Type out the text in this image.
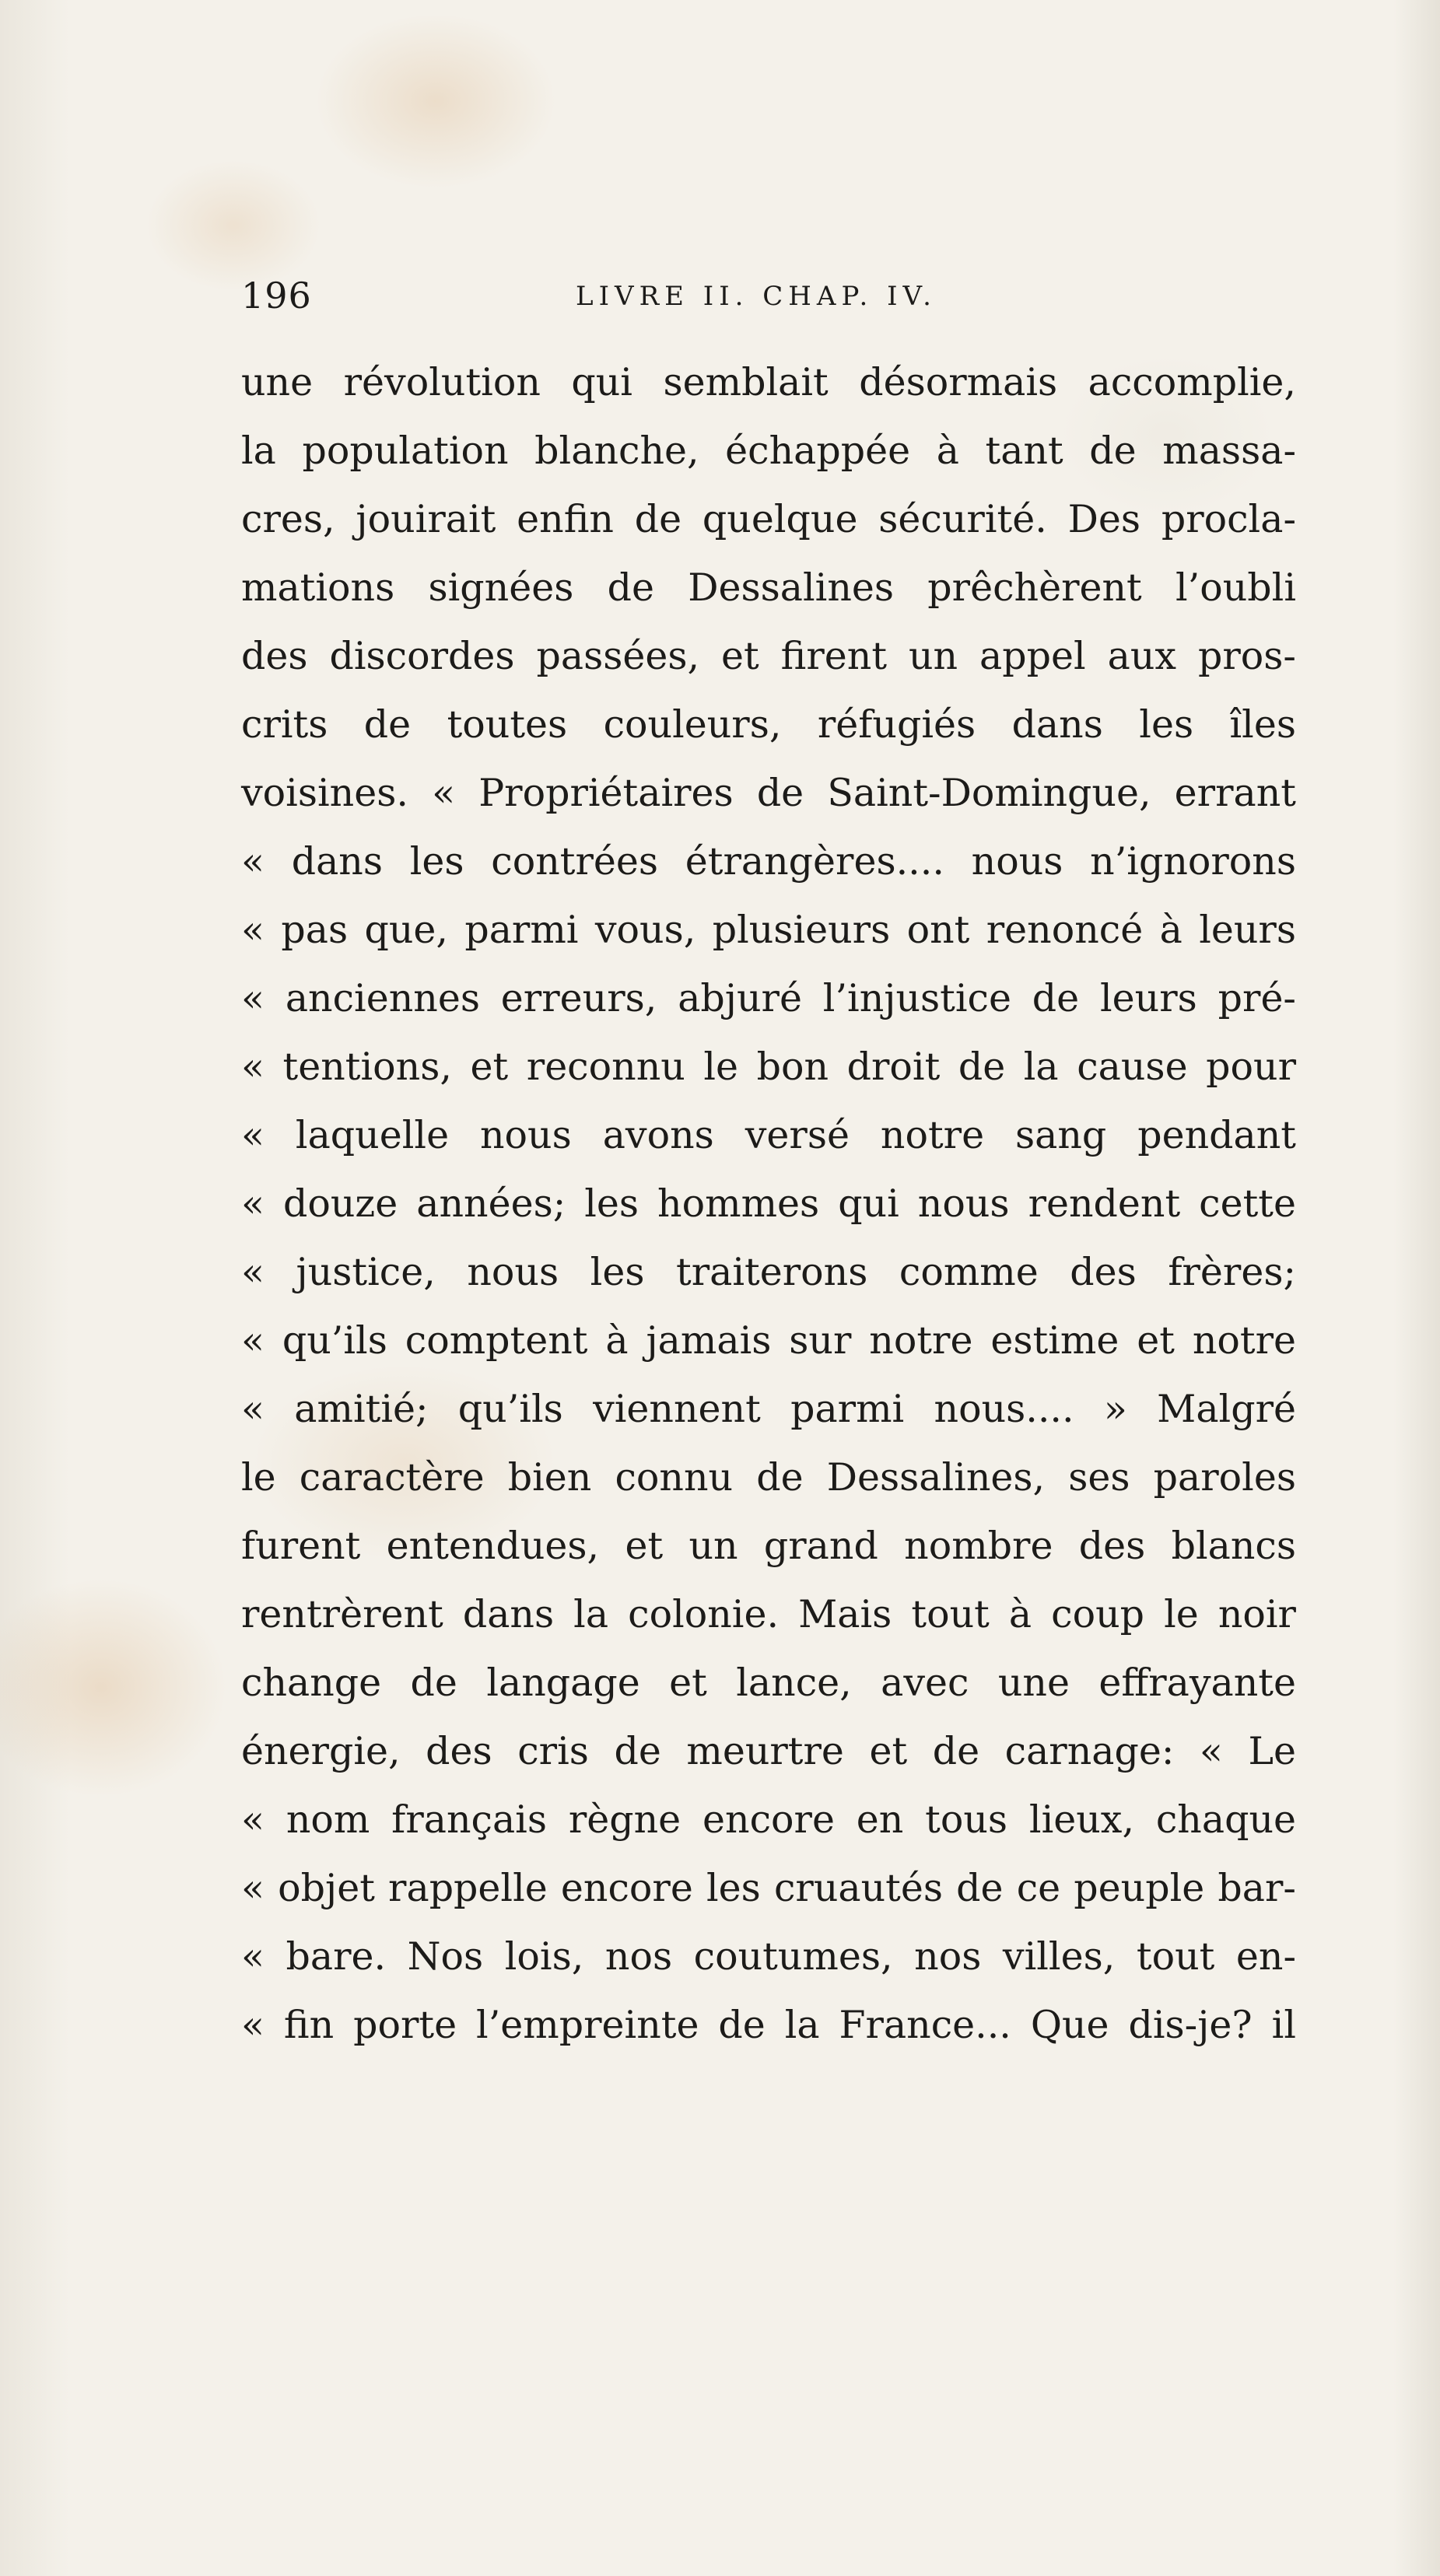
196	LIVRE II. CHAP. IV.
une révolution qui semblait désormais accomplie,
la population blanche, échappée à tant de massa-
cres, jouirait enfin de quelque sécurité. Des procla-
mations signées de Dessalines prêchèrent l’oubli
des discordes passées, et firent un appel aux pros-
crits de toutes couleurs, réfugiés dans les îles
voisines. « Propriétaires de Saint-Domingue, errant
« dans les contrées étrangères.... nous n’ignorons
« pas que, parmi vous, plusieurs ont renoncé à leurs
« anciennes erreurs, abjuré l’injustice de leurs pré-
« tentions, et reconnu le bon droit de la cause pour
« laquelle nous avons versé notre sang pendant
« douze années; les hommes qui nous rendent cette
« justice, nous les traiterons comme des frères;
« qu’ils comptent à jamais sur notre estime et notre
« amitié; qu’ils viennent parmi nous.... » Malgré
le caractère bien connu de Dessalines, ses paroles
furent entendues, et un grand nombre des blancs
rentrèrent dans la colonie. Mais tout à coup le noir
change de langage et lance, avec une effrayante
énergie, des cris de meurtre et de carnage: « Le
« nom français règne encore en tous lieux, chaque
« objet rappelle encore les cruautés de ce peuple bar-
« bare. Nos lois, nos coutumes, nos villes, tout en-
« fin porte l’empreinte de la France... Que dis-je? il
